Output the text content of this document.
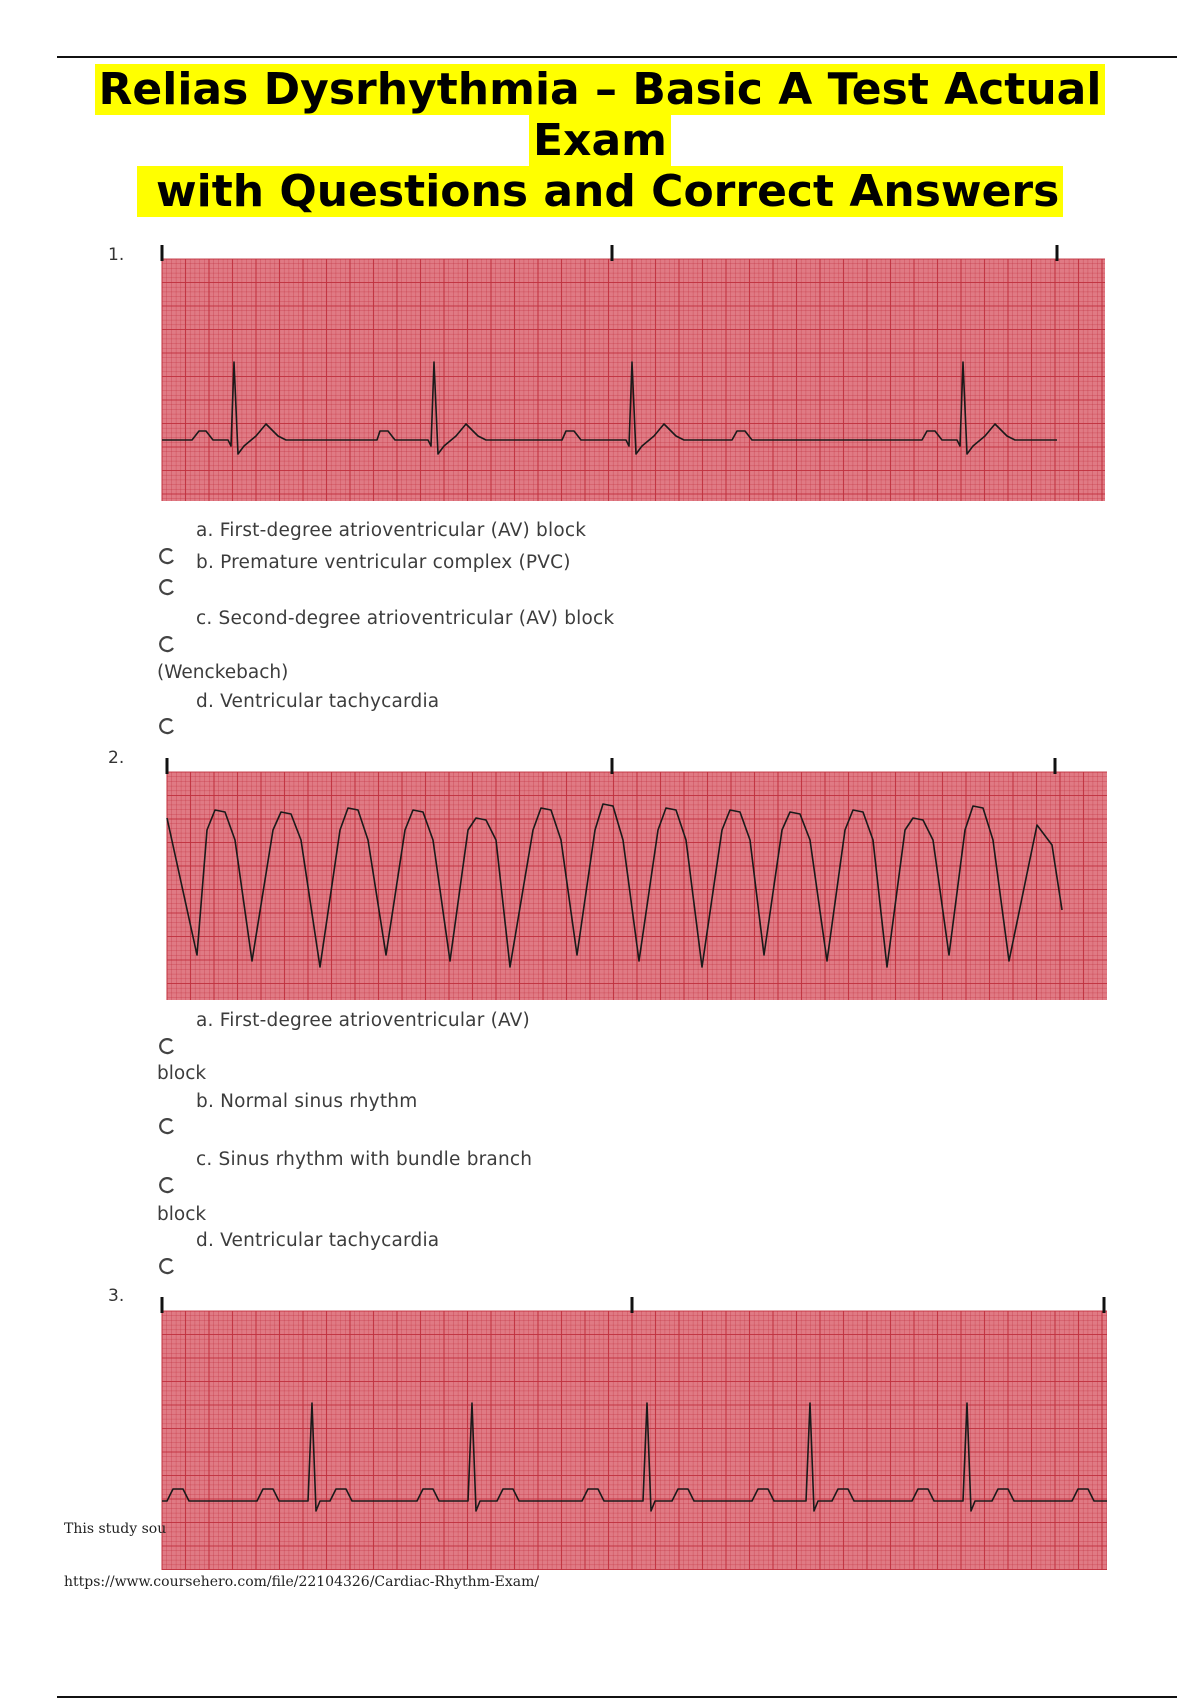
Relias Dysrhythmia – Basic A Test Actual
Exam
with Questions and Correct Answers
1.
a. First-degree atrioventricular (AV) block
b. Premature ventricular complex (PVC)
c. Second-degree atrioventricular (AV) block
(Wenckebach)
d. Ventricular tachycardia
2.
a. First-degree atrioventricular (AV)
block
b. Normal sinus rhythm
c. Sinus rhythm with bundle branch
block
d. Ventricular tachycardia
3.
This study sou
https://www.coursehero.com/file/22104326/Cardiac-Rhythm-Exam/
